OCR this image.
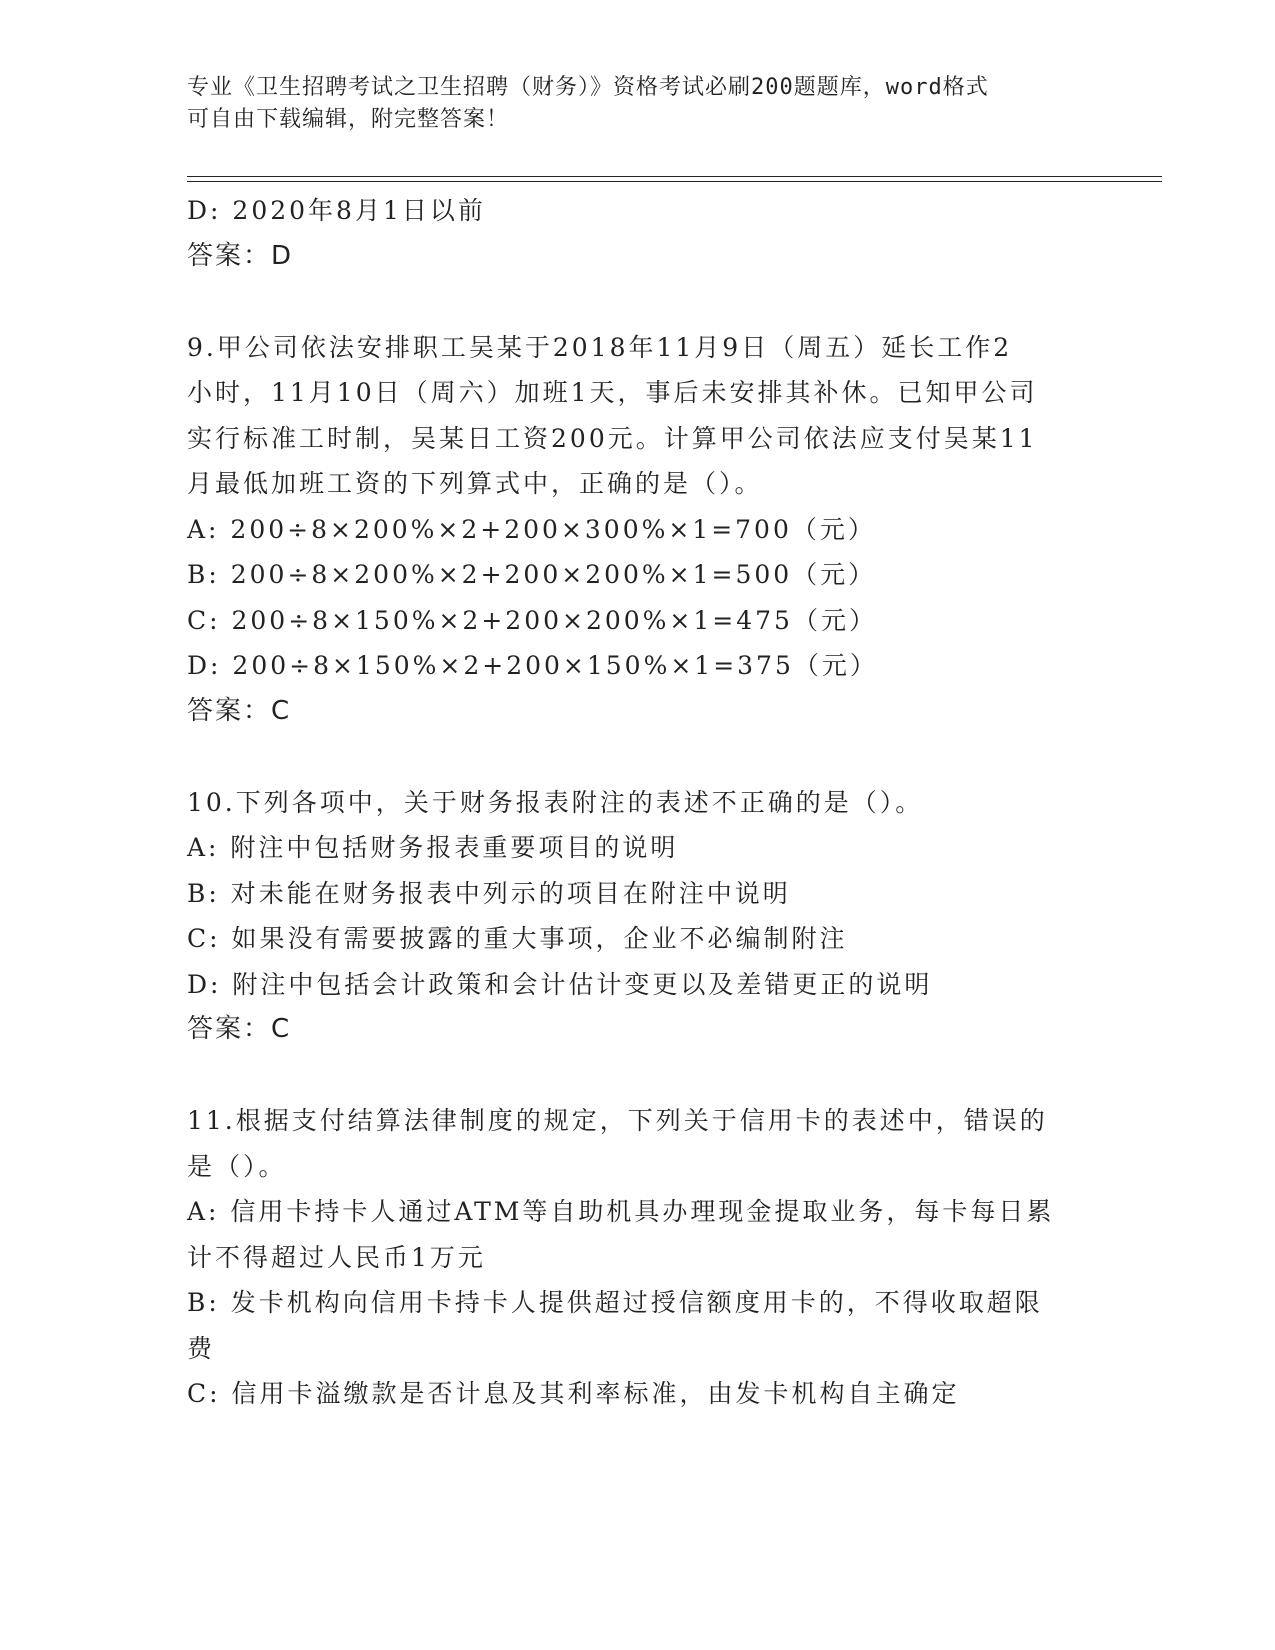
专业《卫生招聘考试之卫生招聘（财务）》资格考试必刷200题题库，word格式
可自由下载编辑，附完整答案！
D: 2020年8月1日以前
答案：D
9.甲公司依法安排职工吴某于2018年11月9日（周五）延长工作2
小时，11月10日（周六）加班1天，事后未安排其补休。已知甲公司
实行标准工时制，吴某日工资200元。计算甲公司依法应支付吴某11
月最低加班工资的下列算式中，正确的是（）。
A: 200÷8×200%×2+200×300%×1=700（元）
B: 200÷8×200%×2+200×200%×1=500（元）
C: 200÷8×150%×2+200×200%×1=475（元）
D: 200÷8×150%×2+200×150%×1=375（元）
答案：C
10.下列各项中，关于财务报表附注的表述不正确的是（）。
A: 附注中包括财务报表重要项目的说明
B: 对未能在财务报表中列示的项目在附注中说明
C: 如果没有需要披露的重大事项，企业不必编制附注
D: 附注中包括会计政策和会计估计变更以及差错更正的说明
答案：C
11.根据支付结算法律制度的规定，下列关于信用卡的表述中，错误的
是（）。
A: 信用卡持卡人通过ATM等自助机具办理现金提取业务，每卡每日累
计不得超过人民币1万元
B: 发卡机构向信用卡持卡人提供超过授信额度用卡的，不得收取超限
费
C: 信用卡溢缴款是否计息及其利率标准，由发卡机构自主确定
